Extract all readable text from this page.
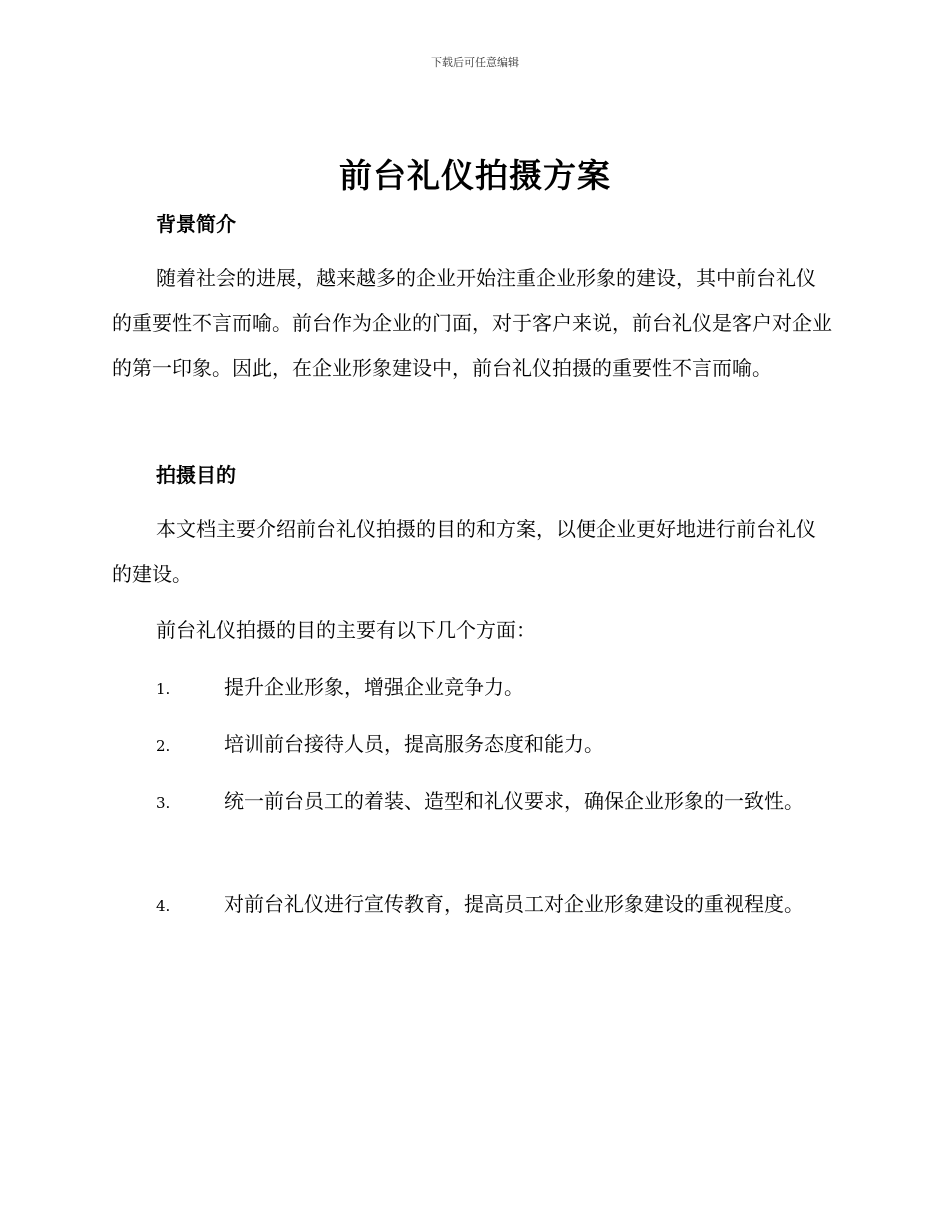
下载后可任意编辑
前台礼仪拍摄方案
背景简介

随着社会的进展，越来越多的企业开始注重企业形象的建设，其中前台礼仪的重要性不言而喻。前台作为企业的门面，对于客户来说，前台礼仪是客户对企业的第一印象。因此，在企业形象建设中，前台礼仪拍摄的重要性不言而喻。

拍摄目的

本文档主要介绍前台礼仪拍摄的目的和方案，以便企业更好地进行前台礼仪的建设。

前台礼仪拍摄的目的主要有以下几个方面：

1.	提升企业形象，增强企业竞争力。

2.	培训前台接待人员，提高服务态度和能力。

3.	统一前台员工的着装、造型和礼仪要求，确保企业形象的一致性。

4.	对前台礼仪进行宣传教育，提高员工对企业形象建设的重视程度。
